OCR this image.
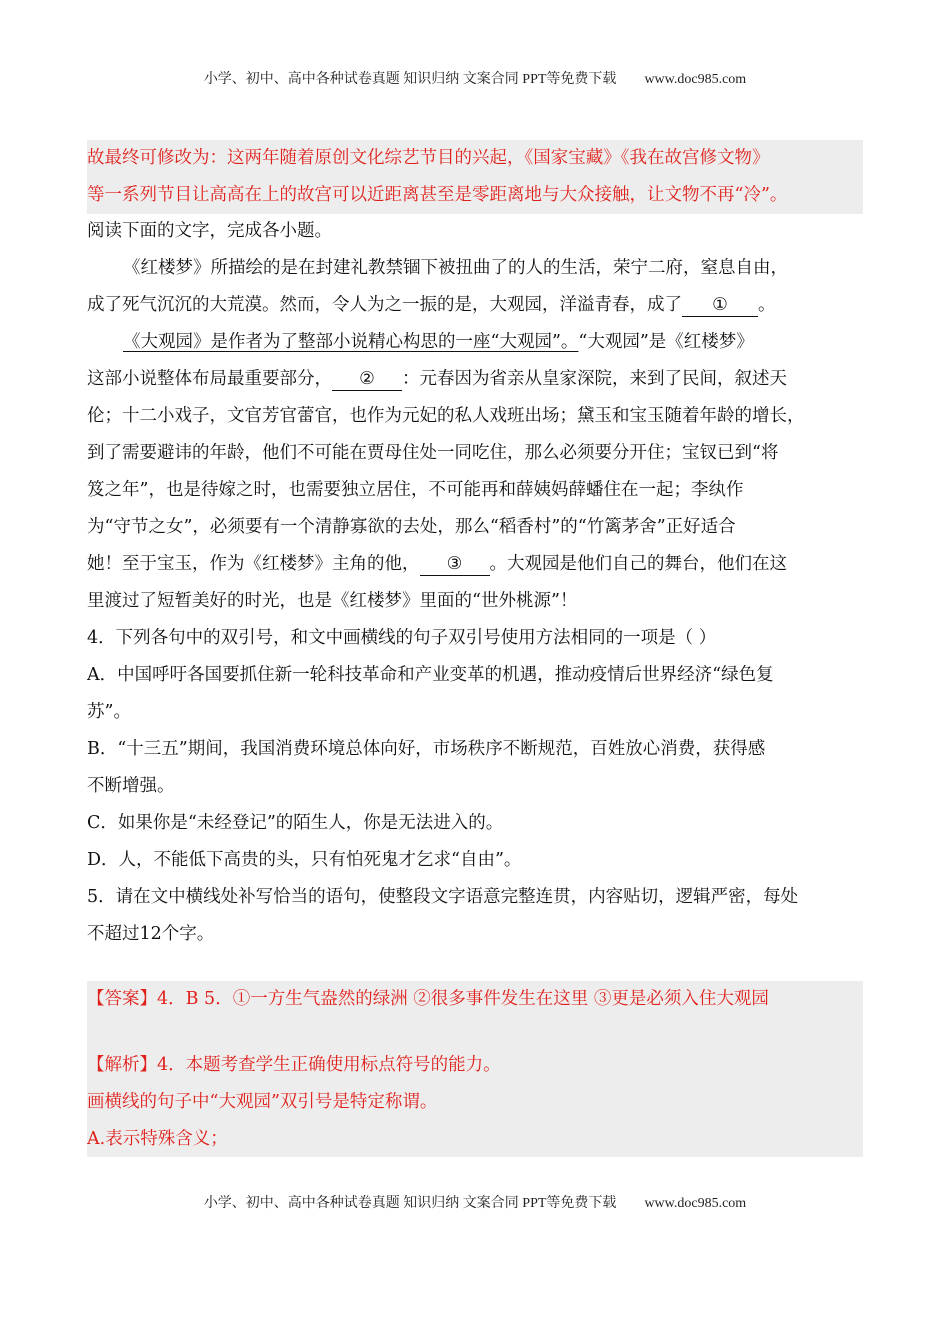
小学、初中、高中各种试卷真题 知识归纳 文案合同 PPT等免费下载 www.doc985.com
故最终可修改为：这两年随着原创文化综艺节目的兴起，《国家宝藏》《我在故宫修文物》
等一系列节目让高高在上的故宫可以近距离甚至是零距离地与大众接触，让文物不再“冷”。
阅读下面的文字，完成各小题。
《红楼梦》所描绘的是在封建礼教禁锢下被扭曲了的人的生活，荣宁二府，窒息自由，
成了死气沉沉的大荒漠。然而，令人为之一振的是，大观园，洋溢青春，成了 ① 。
《大观园》是作者为了整部小说精心构思的一座“大观园”。“大观园”是《红楼梦》
这部小说整体布局最重要部分， ② ：元春因为省亲从皇家深院，来到了民间，叙述天
伦；十二小戏子，文官芳官蕾官，也作为元妃的私人戏班出场；黛玉和宝玉随着年龄的增长，
到了需要避讳的年龄，他们不可能在贾母住处一同吃住，那么必须要分开住；宝钗已到“将
笈之年”，也是待嫁之时，也需要独立居住，不可能再和薛姨妈薛蟠住在一起；李纨作
为“守节之女”，必须要有一个清静寡欲的去处，那么“稻香村”的“竹篱茅舍”正好适合
她！至于宝玉，作为《红楼梦》主角的他， ③ 。大观园是他们自己的舞台，他们在这
里渡过了短暂美好的时光，也是《红楼梦》里面的“世外桃源”！
4．下列各句中的双引号，和文中画横线的句子双引号使用方法相同的一项是（ ）
A．中国呼吁各国要抓住新一轮科技革命和产业变革的机遇，推动疫情后世界经济“绿色复
苏”。
B．“十三五”期间，我国消费环境总体向好，市场秩序不断规范，百姓放心消费，获得感
不断增强。
C．如果你是“未经登记”的陌生人，你是无法进入的。
D．人，不能低下高贵的头，只有怕死鬼才乞求“自由”。
5．请在文中横线处补写恰当的语句，使整段文字语意完整连贯，内容贴切，逻辑严密，每处
不超过12个字。
【答案】4．B 5．①一方生气盎然的绿洲 ②很多事件发生在这里 ③更是必须入住大观园
【解析】4．本题考查学生正确使用标点符号的能力。
画横线的句子中“大观园”双引号是特定称谓。
A.表示特殊含义；
小学、初中、高中各种试卷真题 知识归纳 文案合同 PPT等免费下载 www.doc985.com
